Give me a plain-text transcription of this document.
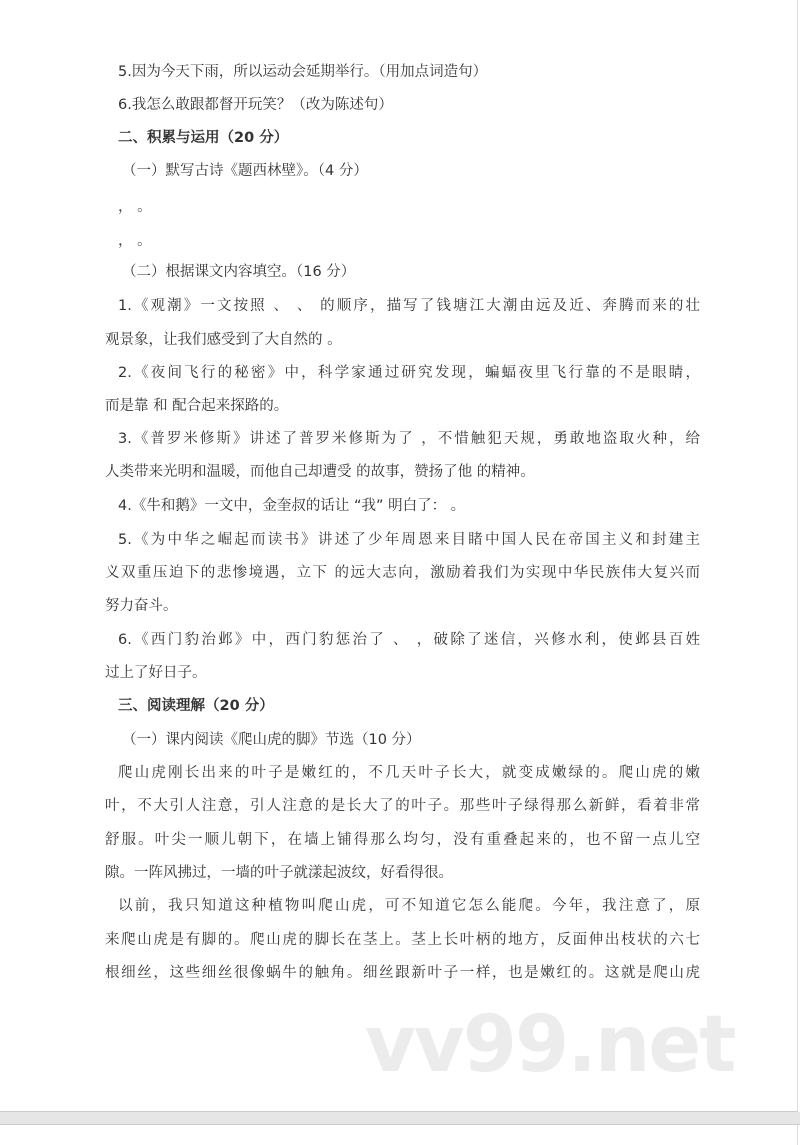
5.因为今天下雨，所以运动会延期举行。（用加点词造句）
6.我怎么敢跟都督开玩笑？（改为陈述句）
二、积累与运用（20 分）
（一）默写古诗《题西林壁》。（4 分）
， 。
， 。
（二）根据课文内容填空。（16 分）
1.《观潮》一文按照 、 、 的顺序，描写了钱塘江大潮由远及近、奔腾而来的壮
观景象，让我们感受到了大自然的 。
2.《夜间飞行的秘密》中，科学家通过研究发现，蝙蝠夜里飞行靠的不是眼睛，
而是靠 和 配合起来探路的。
3.《普罗米修斯》讲述了普罗米修斯为了 ，不惜触犯天规，勇敢地盗取火种，给
人类带来光明和温暖，而他自己却遭受 的故事，赞扬了他 的精神。
4.《牛和鹅》一文中，金奎叔的话让 “我” 明白了： 。
5.《为中华之崛起而读书》讲述了少年周恩来目睹中国人民在帝国主义和封建主
义双重压迫下的悲惨境遇，立下 的远大志向，激励着我们为实现中华民族伟大复兴而
努力奋斗。
6.《西门豹治邺》中，西门豹惩治了 、 ，破除了迷信，兴修水利，使邺县百姓
过上了好日子。
三、阅读理解（20 分）
（一）课内阅读《爬山虎的脚》节选（10 分）
爬山虎刚长出来的叶子是嫩红的，不几天叶子长大，就变成嫩绿的。爬山虎的嫩
叶，不大引人注意，引人注意的是长大了的叶子。那些叶子绿得那么新鲜，看着非常
舒服。叶尖一顺儿朝下，在墙上铺得那么均匀，没有重叠起来的，也不留一点儿空
隙。一阵风拂过，一墙的叶子就漾起波纹，好看得很。
以前，我只知道这种植物叫爬山虎，可不知道它怎么能爬。今年，我注意了，原
来爬山虎是有脚的。爬山虎的脚长在茎上。茎上长叶柄的地方，反面伸出枝状的六七
根细丝，这些细丝很像蜗牛的触角。细丝跟新叶子一样，也是嫩红的。这就是爬山虎
vv99.net
